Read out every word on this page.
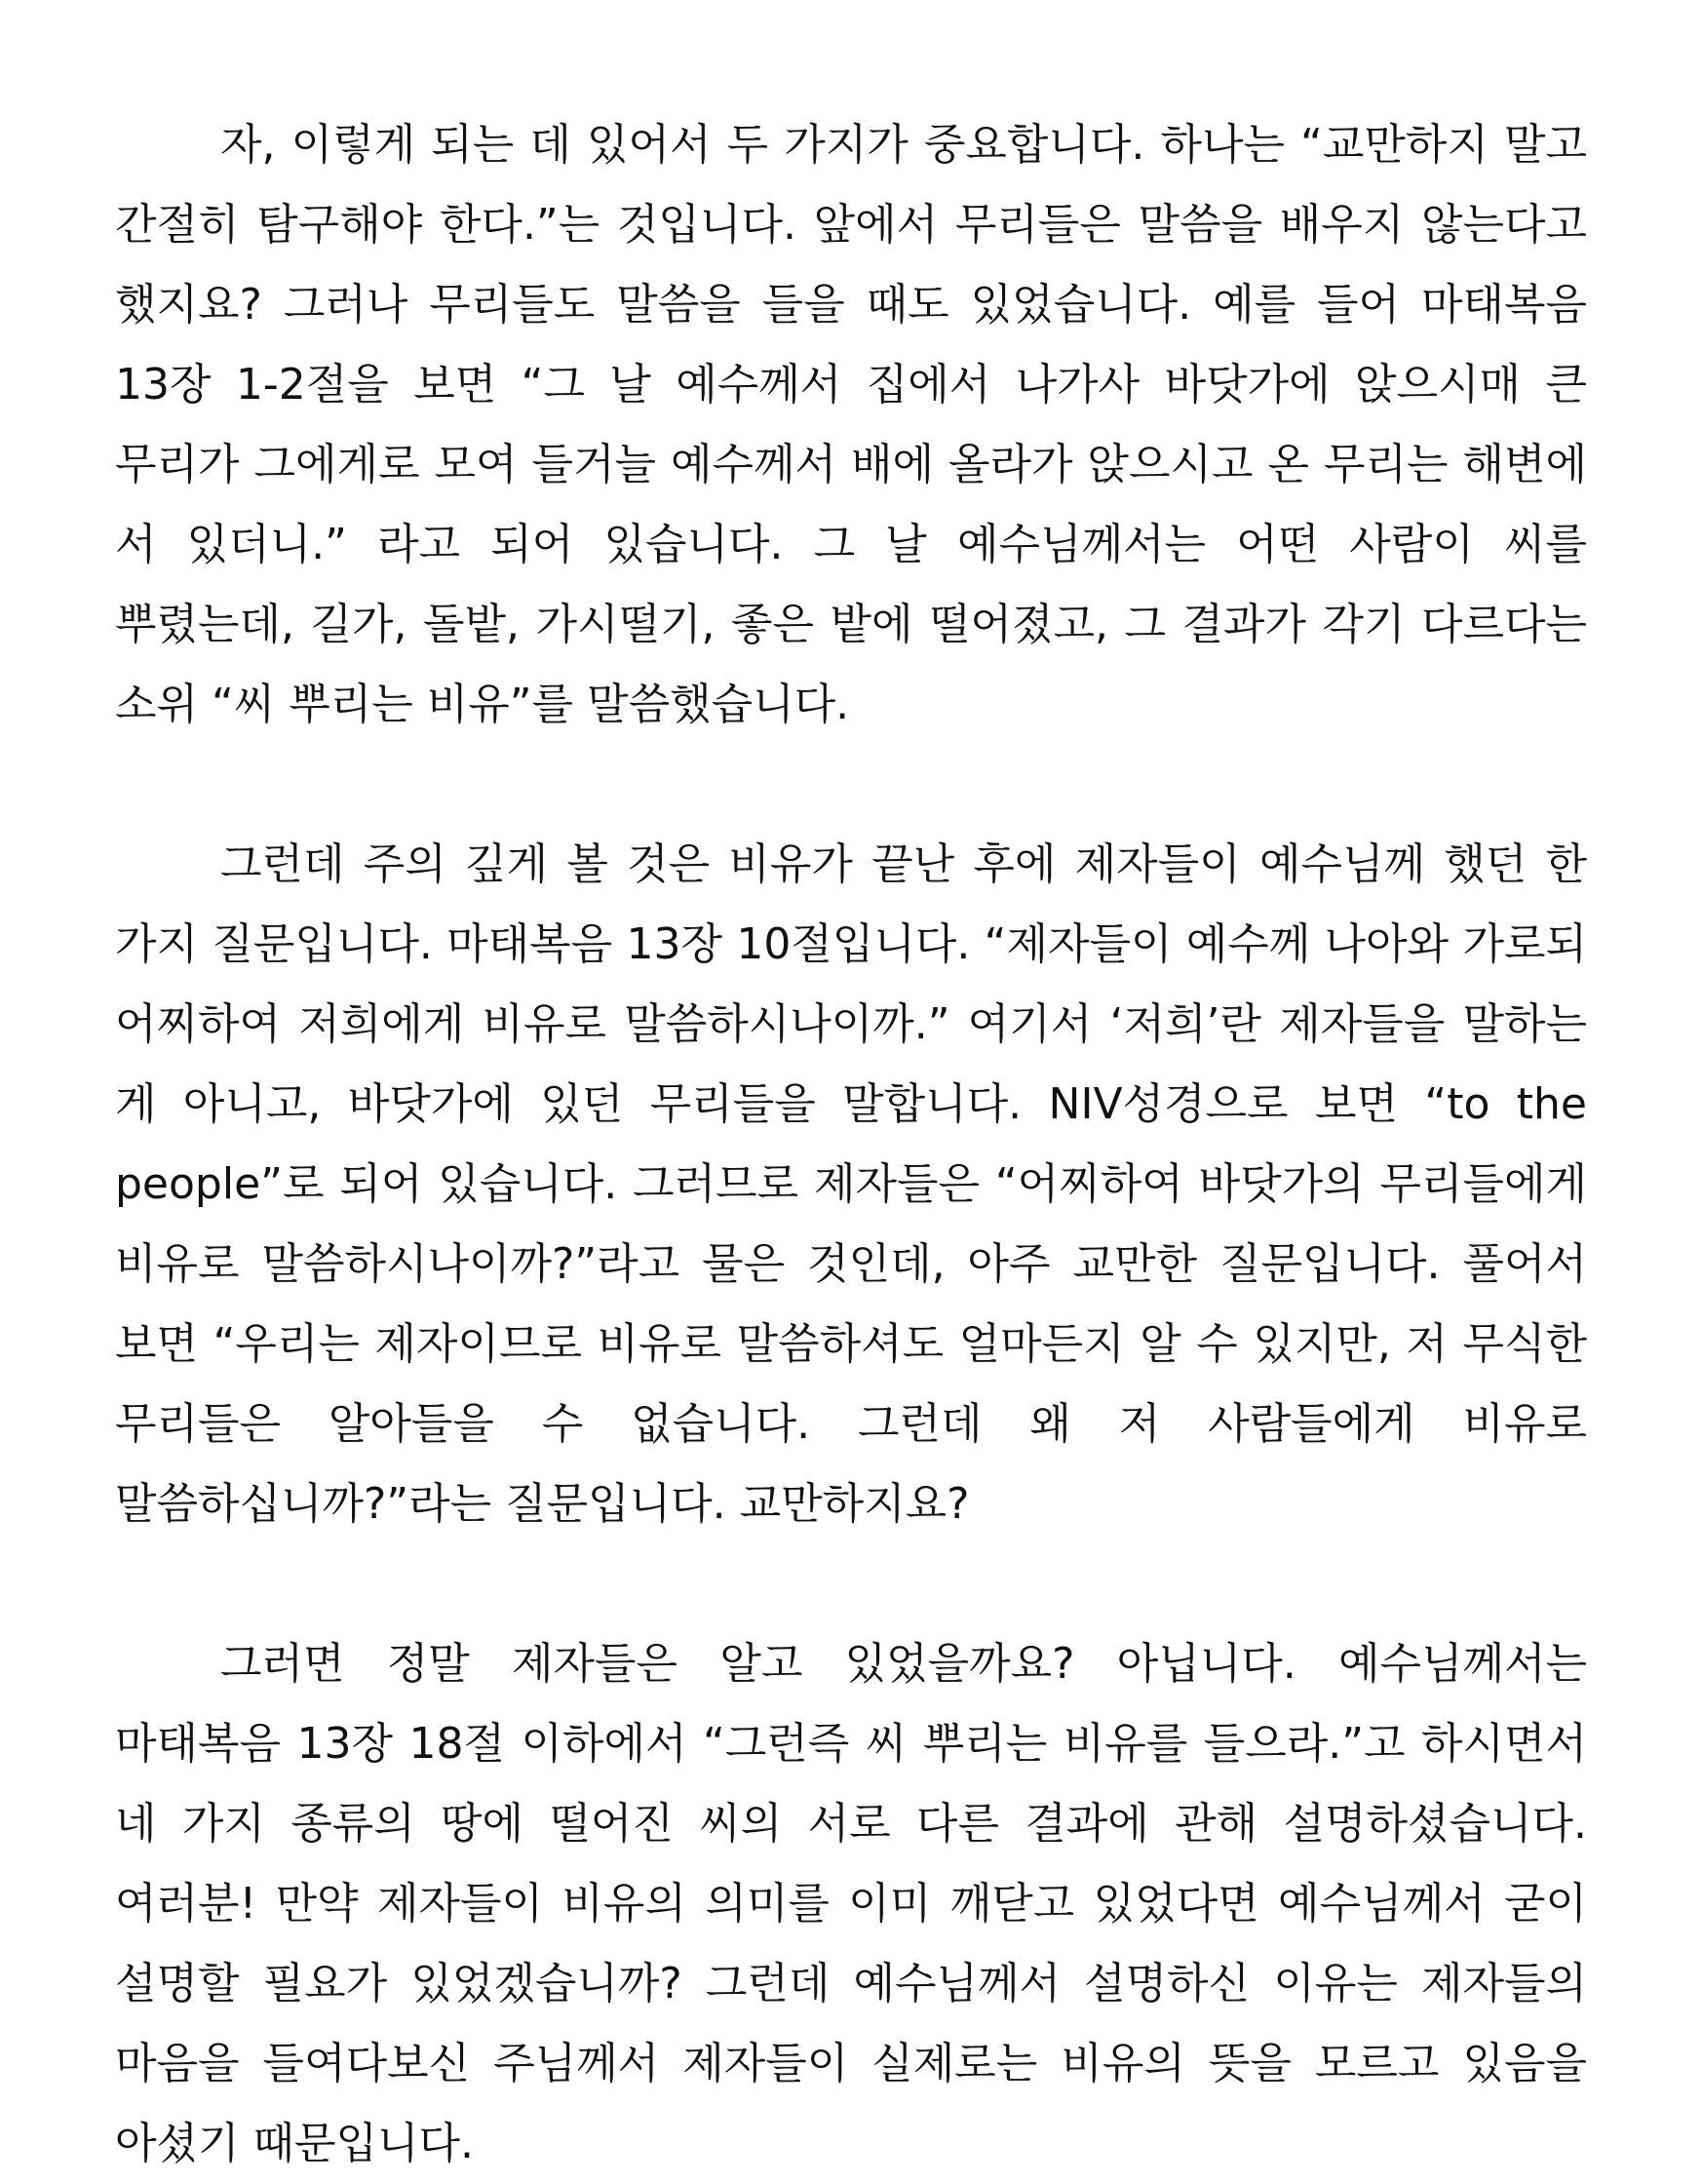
자, 이렇게 되는 데 있어서 두 가지가 중요합니다. 하나는 “교만하지 말고 간절히 탐구해야 한다.”는 것입니다. 앞에서 무리들은 말씀을 배우지 않는다고 했지요? 그러나 무리들도 말씀을 들을 때도 있었습니다. 예를 들어 마태복음 13장 1-2절을 보면 “그 날 예수께서 집에서 나가사 바닷가에 앉으시매 큰 무리가 그에게로 모여 들거늘 예수께서 배에 올라가 앉으시고 온 무리는 해변에 서 있더니.” 라고 되어 있습니다. 그 날 예수님께서는 어떤 사람이 씨를 뿌렸는데, 길가, 돌밭, 가시떨기, 좋은 밭에 떨어졌고, 그 결과가 각기 다르다는 소위 “씨 뿌리는 비유”를 말씀했습니다.

그런데 주의 깊게 볼 것은 비유가 끝난 후에 제자들이 예수님께 했던 한 가지 질문입니다. 마태복음 13장 10절입니다. “제자들이 예수께 나아와 가로되 어찌하여 저희에게 비유로 말씀하시나이까.” 여기서 ‘저희’란 제자들을 말하는 게 아니고, 바닷가에 있던 무리들을 말합니다. NIV성경으로 보면 “to the people”로 되어 있습니다. 그러므로 제자들은 “어찌하여 바닷가의 무리들에게 비유로 말씀하시나이까?”라고 물은 것인데, 아주 교만한 질문입니다. 풀어서 보면 “우리는 제자이므로 비유로 말씀하셔도 얼마든지 알 수 있지만, 저 무식한 무리들은 알아들을 수 없습니다. 그런데 왜 저 사람들에게 비유로 말씀하십니까?”라는 질문입니다. 교만하지요?

그러면 정말 제자들은 알고 있었을까요? 아닙니다. 예수님께서는 마태복음 13장 18절 이하에서 “그런즉 씨 뿌리는 비유를 들으라.”고 하시면서 네 가지 종류의 땅에 떨어진 씨의 서로 다른 결과에 관해 설명하셨습니다. 여러분! 만약 제자들이 비유의 의미를 이미 깨닫고 있었다면 예수님께서 굳이 설명할 필요가 있었겠습니까? 그런데 예수님께서 설명하신 이유는 제자들의 마음을 들여다보신 주님께서 제자들이 실제로는 비유의 뜻을 모르고 있음을 아셨기 때문입니다.
